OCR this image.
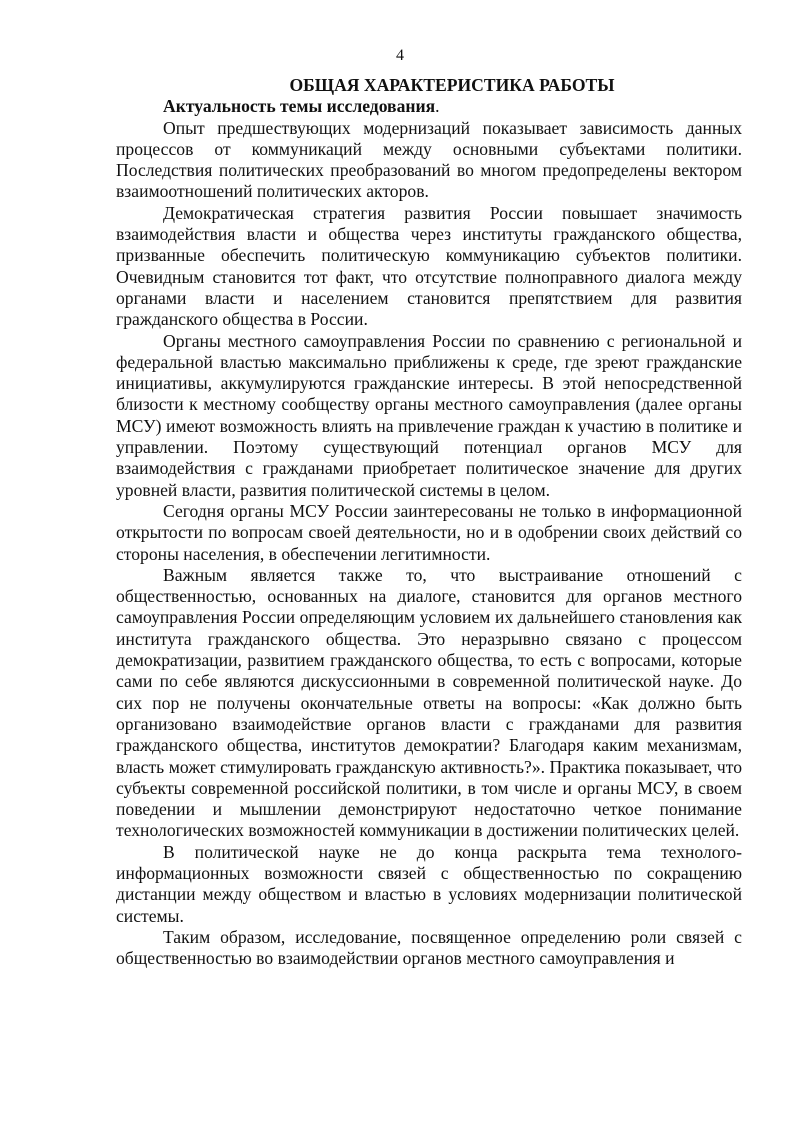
4

ОБЩАЯ ХАРАКТЕРИСТИКА РАБОТЫ

Актуальность темы исследования.

Опыт предшествующих модернизаций показывает зависимость данных процессов от коммуникаций между основными субъектами политики. Последствия политических преобразований во многом предопределены вектором взаимоотношений политических акторов.

Демократическая стратегия развития России повышает значимость взаимодействия власти и общества через институты гражданского общества, призванные обеспечить политическую коммуникацию субъектов политики. Очевидным становится тот факт, что отсутствие полноправного диалога между органами власти и населением становится препятствием для развития гражданского общества в России.

Органы местного самоуправления России по сравнению с региональной и федеральной властью максимально приближены к среде, где зреют гражданские инициативы, аккумулируются гражданские интересы. В этой непосредственной близости к местному сообществу органы местного самоуправления (далее органы МСУ) имеют возможность влиять на привлечение граждан к участию в политике и управлении. Поэтому существующий потенциал органов МСУ для взаимодействия с гражданами приобретает политическое значение для других уровней власти, развития политической системы в целом.

Сегодня органы МСУ России заинтересованы не только в информационной открытости по вопросам своей деятельности, но и в одобрении своих действий со стороны населения, в обеспечении легитимности.

Важным является также то, что выстраивание отношений с общественностью, основанных на диалоге, становится для органов местного самоуправления России определяющим условием их дальнейшего становления как института гражданского общества. Это неразрывно связано с процессом демократизации, развитием гражданского общества, то есть с вопросами, которые сами по себе являются дискуссионными в современной политической науке. До сих пор не получены окончательные ответы на вопросы: «Как должно быть организовано взаимодействие органов власти с гражданами для развития гражданского общества, институтов демократии? Благодаря каким механизмам, власть может стимулировать гражданскую активность?». Практика показывает, что субъекты современной российской политики, в том числе и органы МСУ, в своем поведении и мышлении демонстрируют недостаточно четкое понимание технологических возможностей коммуникации в достижении политических целей.

В политической науке не до конца раскрыта тема технолого-информационных возможности связей с общественностью по сокращению дистанции между обществом и властью в условиях модернизации политической системы.

Таким образом, исследование, посвященное определению роли связей с общественностью во взаимодействии органов местного самоуправления и
